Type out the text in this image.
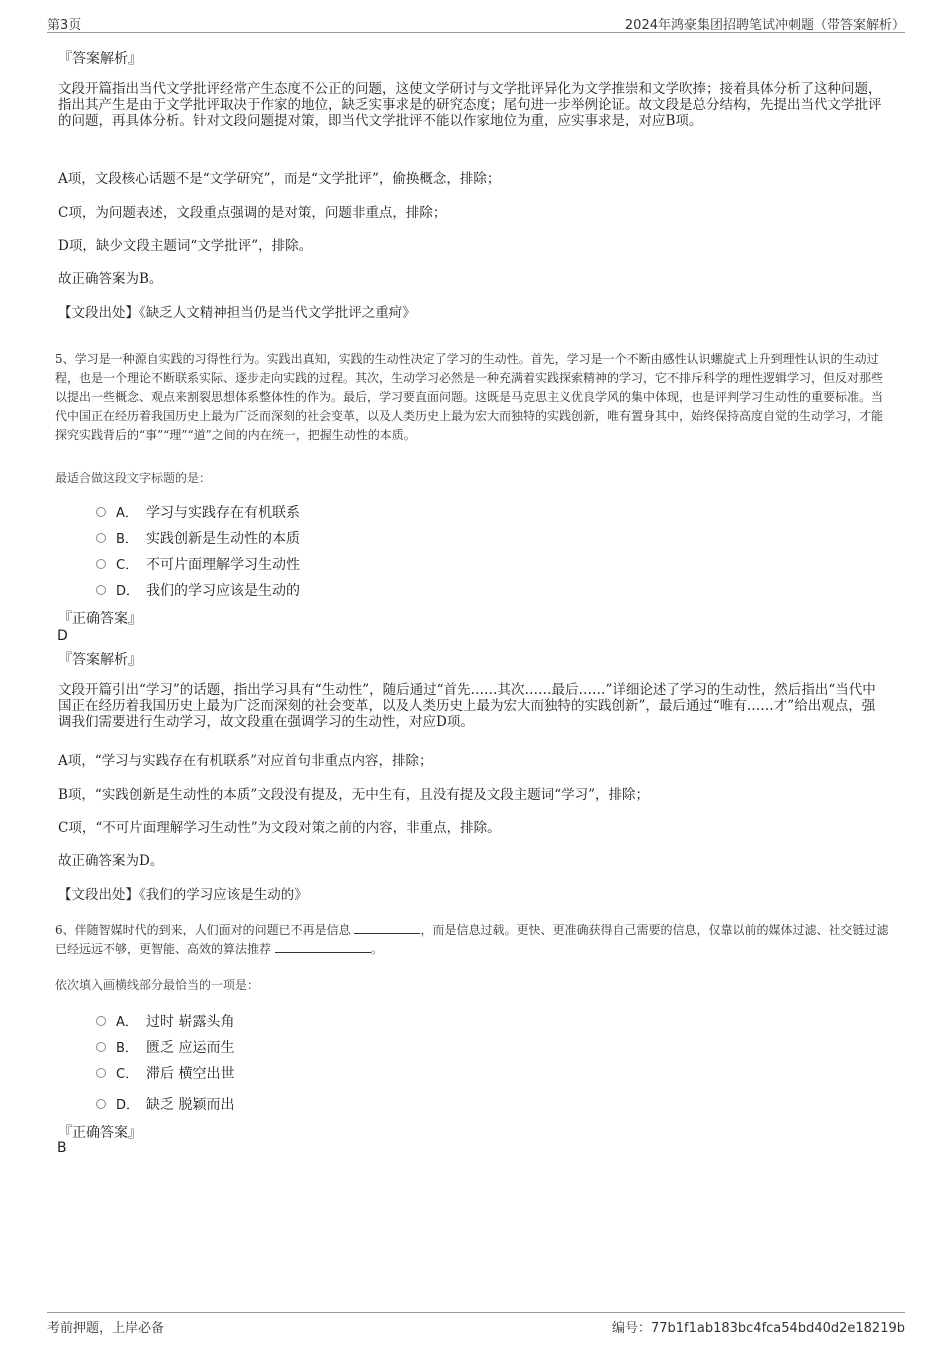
第3页	2024年鸿豪集团招聘笔试冲刺题（带答案解析）
『答案解析』
文段开篇指出当代文学批评经常产生态度不公正的问题，这使文学研讨与文学批评异化为文学推崇和文学吹捧；接着具体分析了这种问题，指出其产生是由于文学批评取决于作家的地位，缺乏实事求是的研究态度；尾句进一步举例论证。故文段是总分结构，先提出当代文学批评的问题，再具体分析。针对文段问题提对策，即当代文学批评不能以作家地位为重，应实事求是，对应B项。
A项，文段核心话题不是“文学研究”，而是“文学批评”，偷换概念，排除；
C项，为问题表述，文段重点强调的是对策，问题非重点，排除；
D项，缺少文段主题词“文学批评”，排除。
故正确答案为B。
【文段出处】《缺乏人文精神担当仍是当代文学批评之重疴》
5、学习是一种源自实践的习得性行为。实践出真知，实践的生动性决定了学习的生动性。首先，学习是一个不断由感性认识螺旋式上升到理性认识的生动过程，也是一个理论不断联系实际、逐步走向实践的过程。其次，生动学习必然是一种充满着实践探索精神的学习，它不排斥科学的理性逻辑学习，但反对那些以提出一些概念、观点来割裂思想体系整体性的作为。最后，学习要直面问题。这既是马克思主义优良学风的集中体现，也是评判学习生动性的重要标准。当代中国正在经历着我国历史上最为广泛而深刻的社会变革，以及人类历史上最为宏大而独特的实践创新，唯有置身其中，始终保持高度自觉的生动学习，才能探究实践背后的“事”“理”“道”之间的内在统一，把握生动性的本质。
最适合做这段文字标题的是：
A． 学习与实践存在有机联系
B． 实践创新是生动性的本质
C． 不可片面理解学习生动性
D． 我们的学习应该是生动的
『正确答案』
D
『答案解析』
文段开篇引出“学习”的话题，指出学习具有“生动性”，随后通过“首先……其次……最后……”详细论述了学习的生动性，然后指出“当代中国正在经历着我国历史上最为广泛而深刻的社会变革，以及人类历史上最为宏大而独特的实践创新”，最后通过“唯有……才”给出观点，强调我们需要进行生动学习，故文段重在强调学习的生动性，对应D项。
A项，“学习与实践存在有机联系”对应首句非重点内容，排除；
B项，“实践创新是生动性的本质”文段没有提及，无中生有，且没有提及文段主题词“学习”，排除；
C项，“不可片面理解学习生动性”为文段对策之前的内容，非重点，排除。
故正确答案为D。
【文段出处】《我们的学习应该是生动的》
6、伴随智媒时代的到来，人们面对的问题已不再是信息	，而是信息过载。更快、更准确获得自己需要的信息，仅靠以前的媒体过滤、社交链过滤已经远远不够，更智能、高效的算法推荐	。
依次填入画横线部分最恰当的一项是：
A． 过时 崭露头角
B． 匮乏 应运而生
C． 滞后 横空出世
D． 缺乏 脱颖而出
『正确答案』
B
考前押题，上岸必备	编号：77b1f1ab183bc4fca54bd40d2e18219b
